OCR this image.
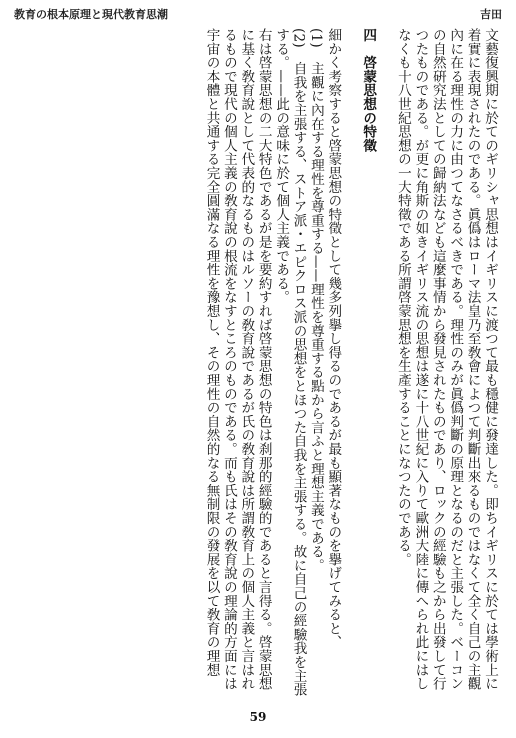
教育の根本原理と現代教育思潮	吉田

文藝復興期に於てのギリシャ思想はイギリスに渡つて最も穩健に發達した。即ちイギリスに於ては學術上に着實に表現されたのである。眞僞はローマ法皇乃至敎會によつて判斷出來るものではなくて全く自己の主觀內に在る理性の力に由つてなさるべきである。理性のみが眞僞判斷の原理となるのだと主張した。ベーコンの自然硏究法としての歸納法なども這麼事情から發見されたものであり、ロックの經驗も之から出發して行つたものである。が更に角斯の如きイギリス流の思想は遂に十八世紀に入りて歐洲大陸に傳へられ此にはしなくも十八世紀思想の一大特徵である所謂啓蒙思想を生產することになつたのである。

四　啓蒙思想の特徵

細かく考察すると啓蒙思想の特徵として幾多列擧し得るのであるが最も顯著なものを擧げてみると、

(1)　主觀に內在する理性を尊重する——理性を尊重する點から言ふと理想主義である。

(2)　自我を主張する、ストア派・エピクロス派の思想をとほつた自我を主張する。故に自己の經驗我を主張する。——此の意味に於て個人主義である。

右は啓蒙思想の二大特色であるが是を要約すれば啓蒙思想の特色は刹那的經驗的であると言得る。啓蒙思想に基く敎育說として代表的なるものはルソーの敎育說であるが氏の敎育說は所謂敎育上の個人主義と言はれるもので現代の個人主義の敎育說の根流をなすところのものである。而も氏はその敎育說の理論的方面には宇宙の本體と共通する完全圓滿なる理性を豫想し、その理性の自然的なる無制限の發展を以て敎育の理想

59
